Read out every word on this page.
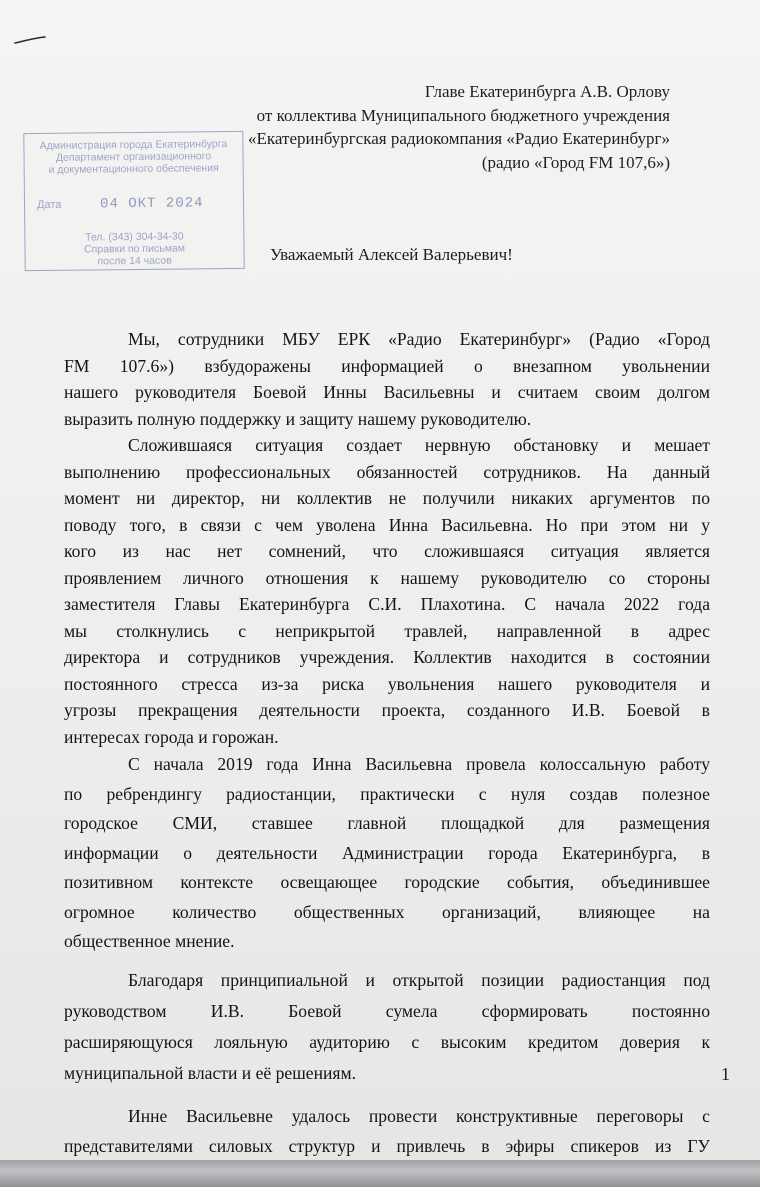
Главе Екатеринбурга А.В. Орлову
от коллектива Муниципального бюджетного учреждения
«Екатеринбургская радиокомпания «Радио Екатеринбург»
(радио «Город FM 107,6»)
Администрация города Екатеринбурга
Департамент организационного
и документационного обеспечения
Дата	04 ОКТ 2024
Тел. (343) 304-34-30
Справки по письмам
после 14 часов	Уважаемый Алексей Валерьевич!

Мы, сотрудники МБУ ЕРК «Радио Екатеринбург» (Радио «Город
FM 107.6») взбудоражены информацией о внезапном увольнении
нашего руководителя Боевой Инны Васильевны и считаем своим долгом
выразить полную поддержку и защиту нашему руководителю.

Сложившаяся ситуация создает нервную обстановку и мешает
выполнению профессиональных обязанностей сотрудников. На данный
момент ни директор, ни коллектив не получили никаких аргументов по
поводу того, в связи с чем уволена Инна Васильевна. Но при этом ни у
кого из нас нет сомнений, что сложившаяся ситуация является
проявлением личного отношения к нашему руководителю со стороны
заместителя Главы Екатеринбурга С.И. Плахотина. С начала 2022 года
мы столкнулись с неприкрытой травлей, направленной в адрес
директора и сотрудников учреждения. Коллектив находится в состоянии
постоянного стресса из-за риска увольнения нашего руководителя и
угрозы прекращения деятельности проекта, созданного И.В. Боевой в
интересах города и горожан.

С начала 2019 года Инна Васильевна провела колоссальную работу
по ребрендингу радиостанции, практически с нуля создав полезное
городское СМИ, ставшее главной площадкой для размещения
информации о деятельности Администрации города Екатеринбурга, в
позитивном контексте освещающее городские события, объединившее
огромное количество общественных организаций, влияющее на
общественное мнение.

Благодаря принципиальной и открытой позиции радиостанция под
руководством И.В. Боевой сумела сформировать постоянно
расширяющуюся лояльную аудиторию с высоким кредитом доверия к
муниципальной власти и её решениям.

Инне Васильевне удалось провести конструктивные переговоры с
представителями силовых структур и привлечь в эфиры спикеров из ГУ

1
